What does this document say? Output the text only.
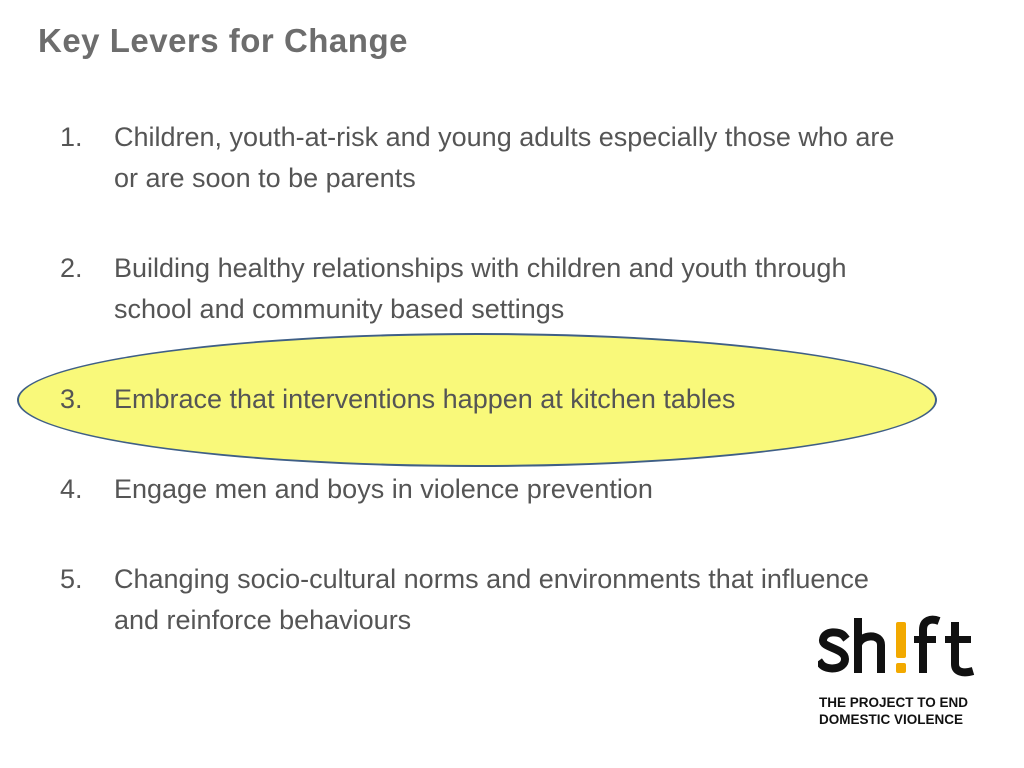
Key Levers for Change
1.	Children, youth-at-risk and young adults especially those who are or are soon to be parents
2.	Building healthy relationships with children and youth through school and community based settings
3.	Embrace that interventions happen at kitchen tables
4.	Engage men and boys in violence prevention
5.	Changing socio-cultural norms and environments that influence and reinforce behaviours
THE PROJECT TO END
DOMESTIC VIOLENCE
